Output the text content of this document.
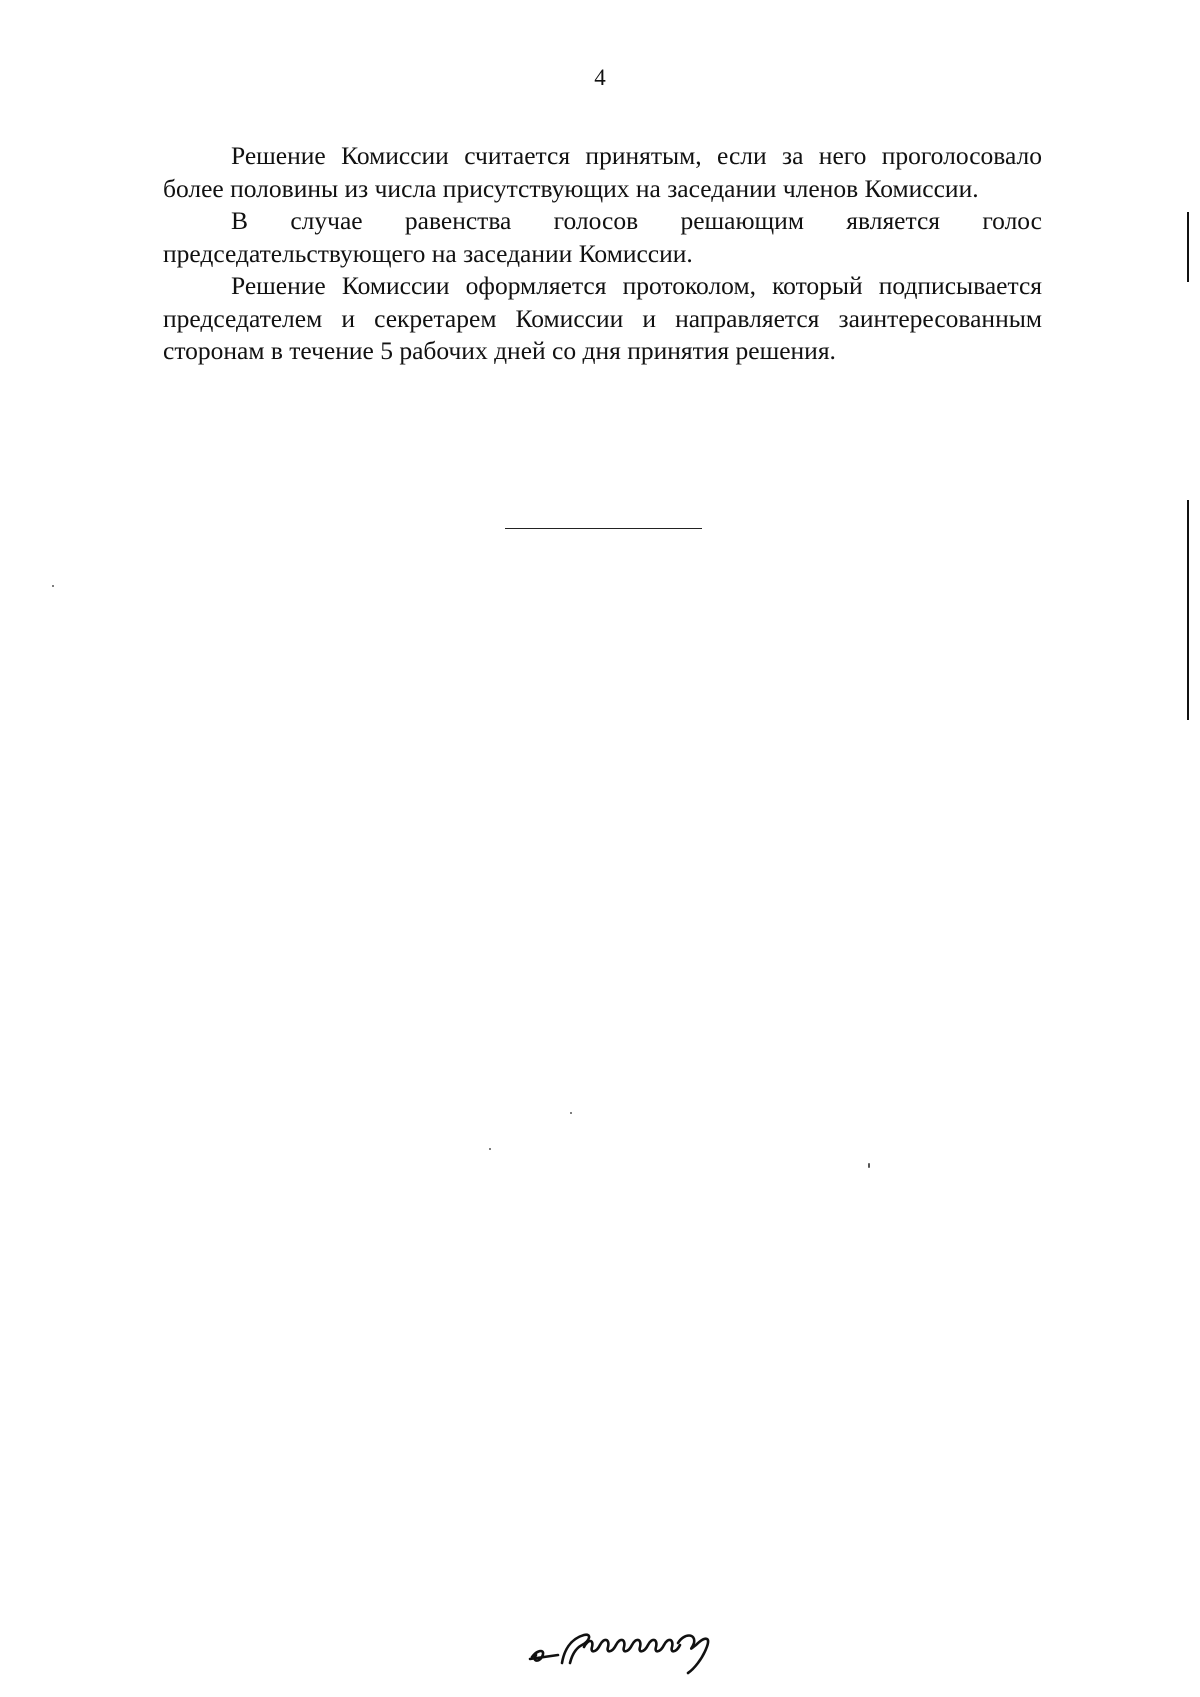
4

Решение Комиссии считается принятым, если за него проголосовало более половины из числа присутствующих на заседании членов Комиссии.

В случае равенства голосов решающим является голос председательствующего на заседании Комиссии.

Решение Комиссии оформляется протоколом, который подписывается председателем и секретарем Комиссии и направляется заинтересованным сторонам в течение 5 рабочих дней со дня принятия решения.
